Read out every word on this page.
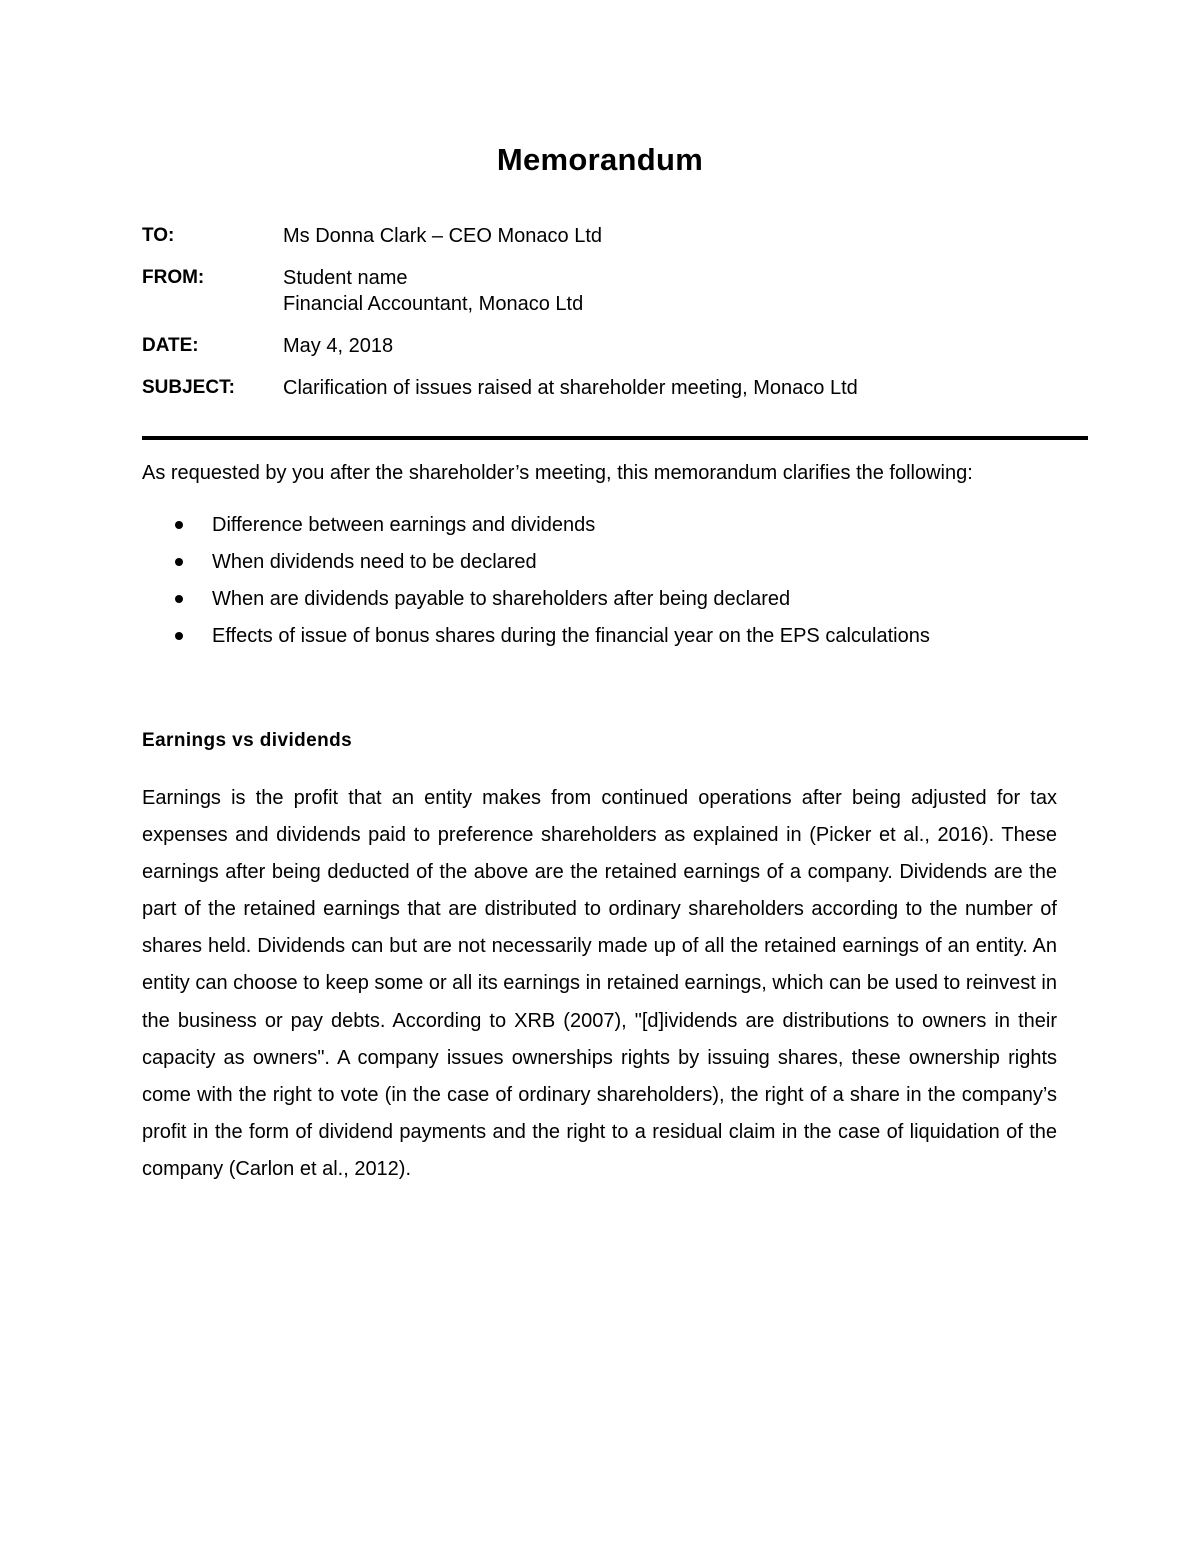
Memorandum
TO:	Ms Donna Clark – CEO Monaco Ltd
FROM:	Student name
Financial Accountant, Monaco Ltd
DATE:	May 4, 2018
SUBJECT: Clarification of issues raised at shareholder meeting, Monaco Ltd
As requested by you after the shareholder’s meeting, this memorandum clarifies the following:
Difference between earnings and dividends
When dividends need to be declared
When are dividends payable to shareholders after being declared
Effects of issue of bonus shares during the financial year on the EPS calculations
Earnings vs dividends

Earnings is the profit that an entity makes from continued operations after being adjusted for tax expenses and dividends paid to preference shareholders as explained in (Picker et al., 2016). These earnings after being deducted of the above are the retained earnings of a company. Dividends are the part of the retained earnings that are distributed to ordinary shareholders according to the number of shares held. Dividends can but are not necessarily made up of all the retained earnings of an entity. An entity can choose to keep some or all its earnings in retained earnings, which can be used to reinvest in the business or pay debts. According to XRB (2007), "[d]ividends are distributions to owners in their capacity as owners". A company issues ownerships rights by issuing shares, these ownership rights come with the right to vote (in the case of ordinary shareholders), the right of a share in the company’s profit in the form of dividend payments and the right to a residual claim in the case of liquidation of the company (Carlon et al., 2012).
